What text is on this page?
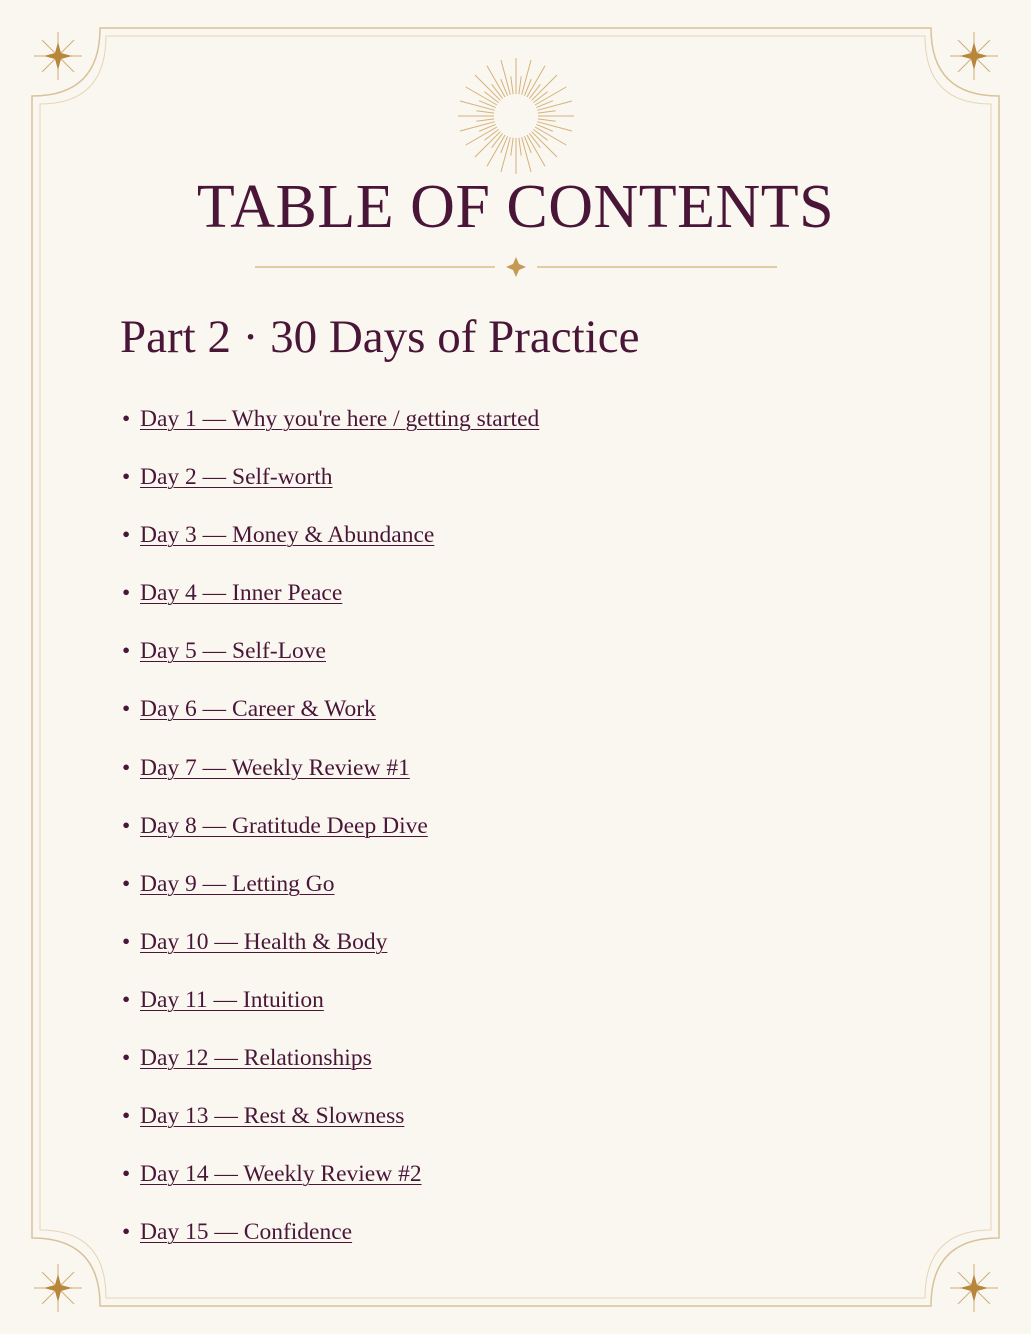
TABLE OF CONTENTS
Part 2 · 30 Days of Practice
• Day 1 — Why you're here / getting started
• Day 2 — Self-worth
• Day 3 — Money & Abundance
• Day 4 — Inner Peace
• Day 5 — Self-Love
• Day 6 — Career & Work
• Day 7 — Weekly Review #1
• Day 8 — Gratitude Deep Dive
• Day 9 — Letting Go
• Day 10 — Health & Body
• Day 11 — Intuition
• Day 12 — Relationships
• Day 13 — Rest & Slowness
• Day 14 — Weekly Review #2
• Day 15 — Confidence
